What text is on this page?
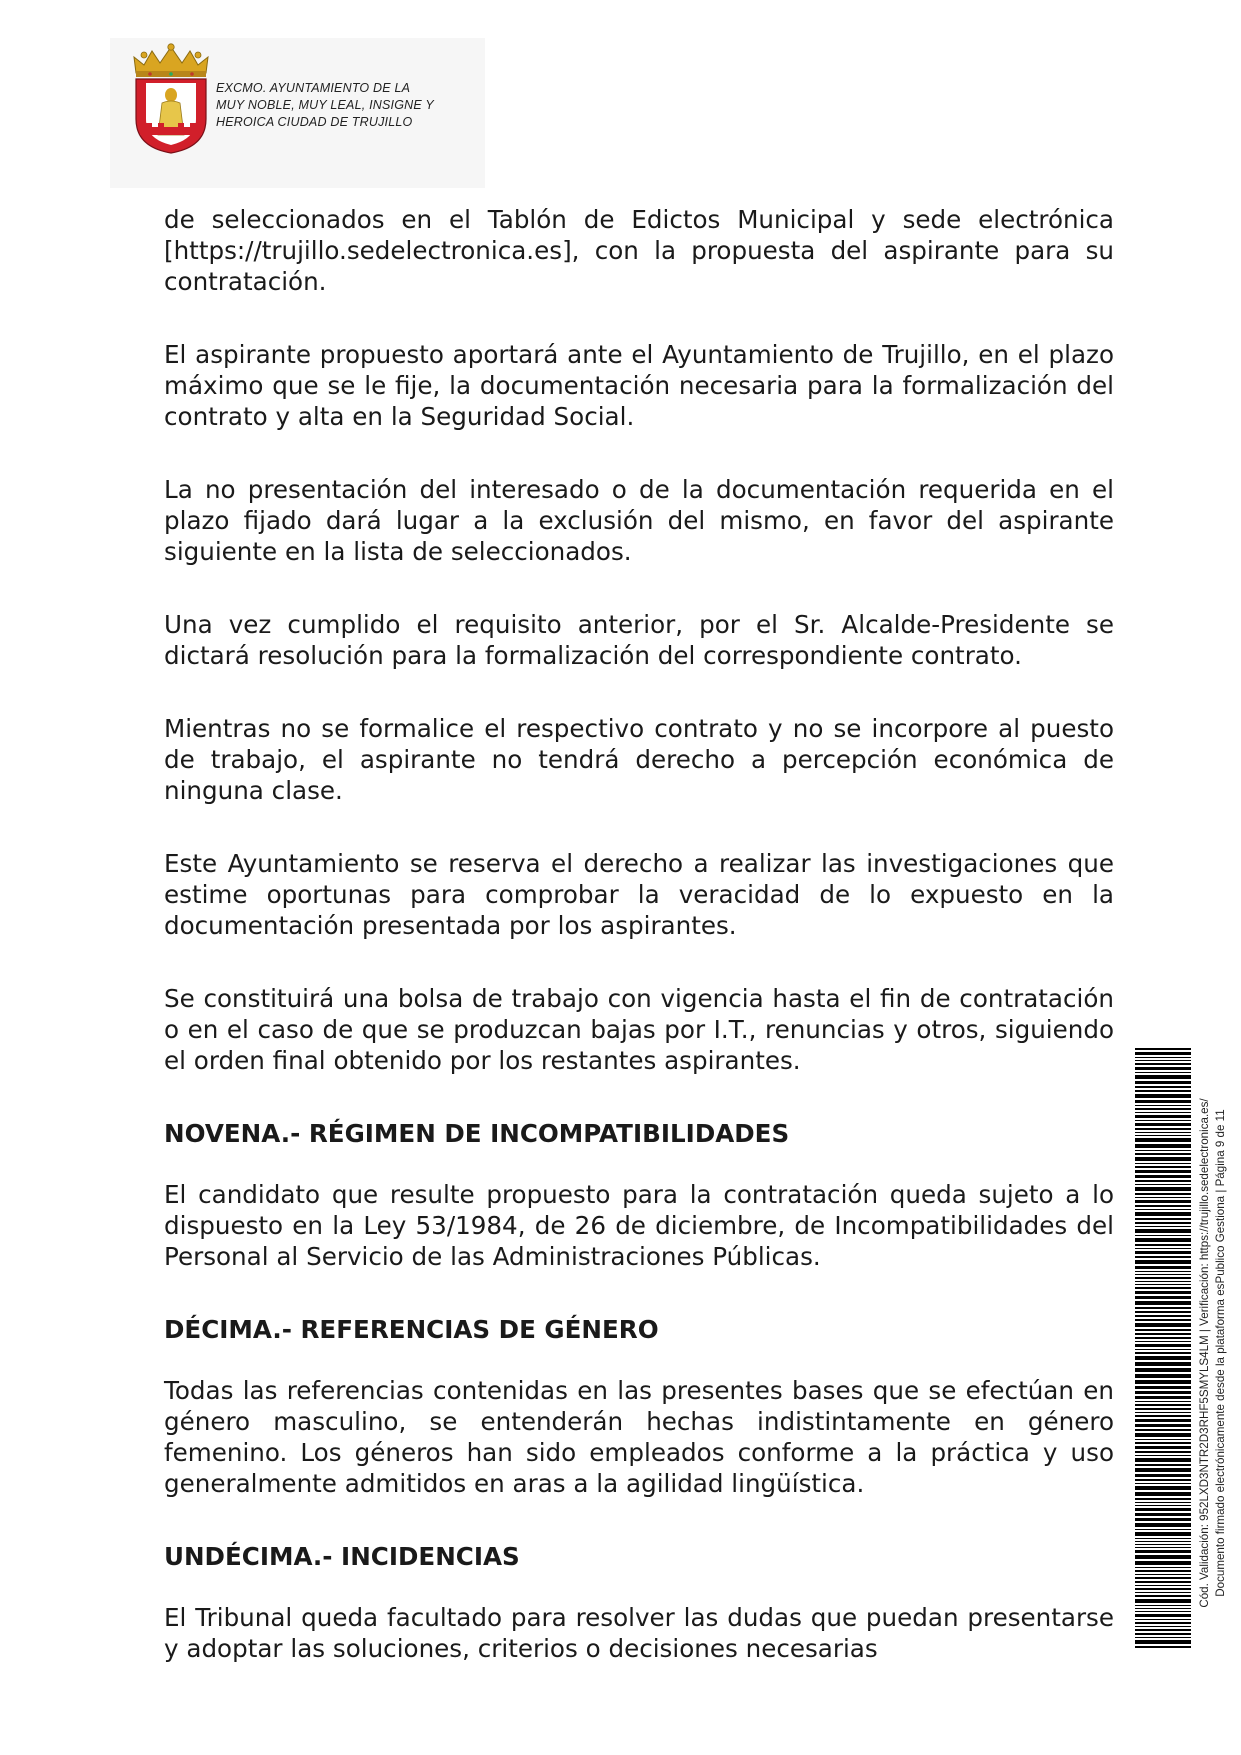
EXCMO. AYUNTAMIENTO DE LA
MUY NOBLE, MUY LEAL, INSIGNE Y
HEROICA CIUDAD DE TRUJILLO

de seleccionados en el Tablón de Edictos Municipal y sede electrónica [https://trujillo.sedelectronica.es], con la propuesta del aspirante para su contratación.

El aspirante propuesto aportará ante el Ayuntamiento de Trujillo, en el plazo máximo que se le fije, la documentación necesaria para la formalización del contrato y alta en la Seguridad Social.

La no presentación del interesado o de la documentación requerida en el plazo fijado dará lugar a la exclusión del mismo, en favor del aspirante siguiente en la lista de seleccionados.

Una vez cumplido el requisito anterior, por el Sr. Alcalde-Presidente se dictará resolución para la formalización del correspondiente contrato.

Mientras no se formalice el respectivo contrato y no se incorpore al puesto de trabajo, el aspirante no tendrá derecho a percepción económica de ninguna clase.

Este Ayuntamiento se reserva el derecho a realizar las investigaciones que estime oportunas para comprobar la veracidad de lo expuesto en la documentación presentada por los aspirantes.

Se constituirá una bolsa de trabajo con vigencia hasta el fin de contratación o en el caso de que se produzcan bajas por I.T., renuncias y otros, siguiendo el orden final obtenido por los restantes aspirantes.

NOVENA.- RÉGIMEN DE INCOMPATIBILIDADES

El candidato que resulte propuesto para la contratación queda sujeto a lo dispuesto en la Ley 53/1984, de 26 de diciembre, de Incompatibilidades del Personal al Servicio de las Administraciones Públicas.

DÉCIMA.- REFERENCIAS DE GÉNERO

Todas las referencias contenidas en las presentes bases que se efectúan en género masculino, se entenderán hechas indistintamente en género femenino. Los géneros han sido empleados conforme a la práctica y uso generalmente admitidos en aras a la agilidad lingüística.

UNDÉCIMA.- INCIDENCIAS

El Tribunal queda facultado para resolver las dudas que puedan presentarse y adoptar las soluciones, criterios o decisiones necesarias

Cód. Validación: 952LXD3NTR2D3RHF5SMYLS4LM | Verificación: https://trujillo.sedelectronica.es/ Documento firmado electrónicamente desde la plataforma esPublico Gestiona | Página 9 de 11
